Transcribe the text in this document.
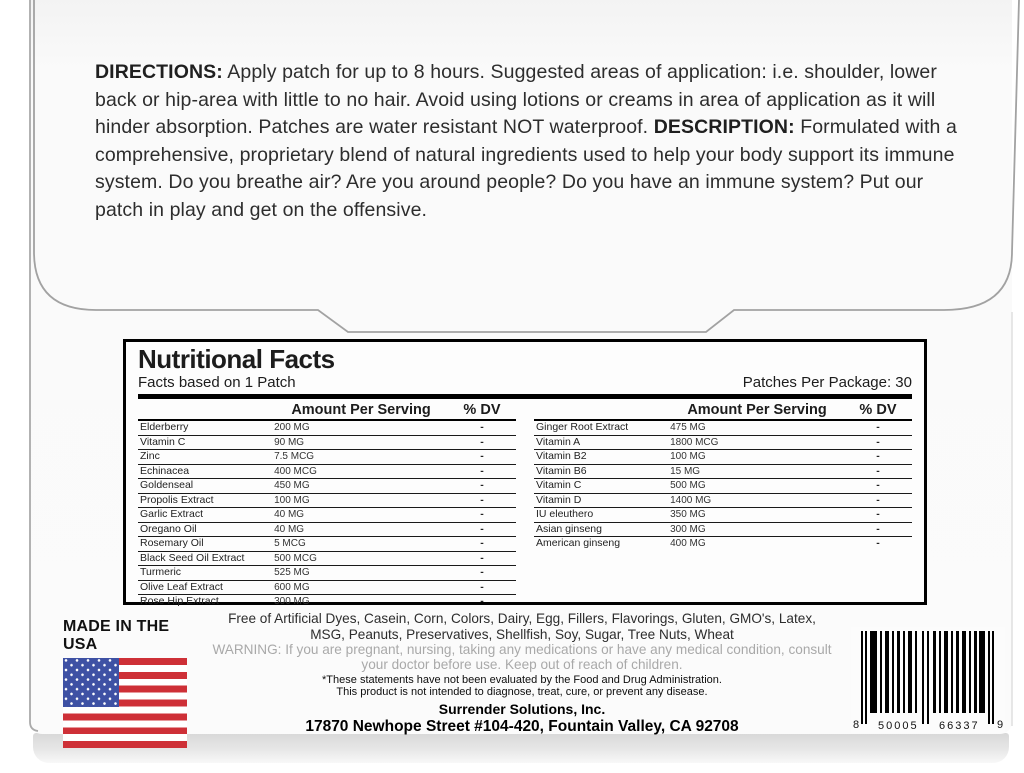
DIRECTIONS: Apply patch for up to 8 hours. Suggested areas of application: i.e. shoulder, lower back or hip-area with little to no hair. Avoid using lotions or creams in area of application as it will hinder absorption. Patches are water resistant NOT waterproof. DESCRIPTION: Formulated with a comprehensive, proprietary blend of natural ingredients used to help your body support its immune system. Do you breathe air? Are you around people? Do you have an immune system? Put our patch in play and get on the offensive.
Nutritional Facts
Facts based on 1 Patch	Patches Per Package: 30
Amount Per Serving	% DV
Elderberry	200 MG	-
Vitamin C	90 MG	-
Zinc	7.5 MCG	-
Echinacea	400 MCG	-
Goldenseal	450 MG	-
Propolis Extract	100 MG	-
Garlic Extract	40 MG	-
Oregano Oil	40 MG	-
Rosemary Oil	5 MCG	-
Black Seed Oil Extract	500 MCG	-
Turmeric	525 MG	-
Olive Leaf Extract	600 MG	-
Rose Hip Extract	300 MG	-
Amount Per Serving	% DV
Ginger Root Extract	475 MG	-
Vitamin A	1800 MCG	-
Vitamin B2	100 MG	-
Vitamin B6	15 MG	-
Vitamin C	500 MG	-
Vitamin D	1400 MG	-
IU eleuthero	350 MG	-
Asian ginseng	300 MG	-
American ginseng	400 MG	-
MADE IN THE USA
Free of Artificial Dyes, Casein, Corn, Colors, Dairy, Egg, Fillers, Flavorings, Gluten, GMO's, Latex,
MSG, Peanuts, Preservatives, Shellfish, Soy, Sugar, Tree Nuts, Wheat
WARNING: If you are pregnant, nursing, taking any medications or have any medical condition, consult
your doctor before use. Keep out of reach of children.
*These statements have not been evaluated by the Food and Drug Administration.
This product is not intended to diagnose, treat, cure, or prevent any disease.
Surrender Solutions, Inc.
17870 Newhope Street #104-420, Fountain Valley, CA 92708	8 50005 66337 9
